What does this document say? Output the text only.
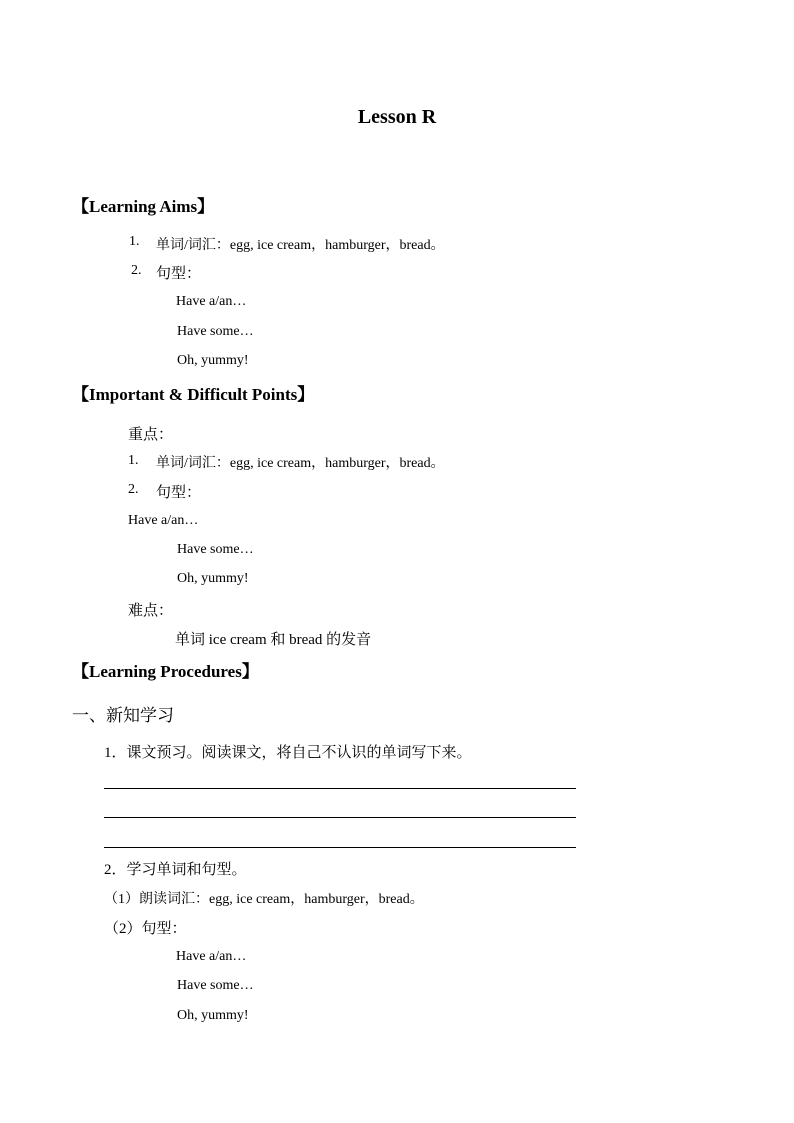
Lesson R
【Learning Aims】
1. 单词/词汇：egg, ice cream，hamburger，bread。
2. 句型：
Have a/an…
Have some…
Oh, yummy!
【Important & Difficult Points】
重点：
1. 单词/词汇：egg, ice cream，hamburger，bread。
2. 句型：
Have a/an…
Have some…
Oh, yummy!
难点：
单词 ice cream 和 bread 的发音
【Learning Procedures】
一、新知学习
1．课文预习。阅读课文，将自己不认识的单词写下来。
2．学习单词和句型。
（1）朗读词汇：egg, ice cream，hamburger，bread。
（2）句型：
Have a/an…
Have some…
Oh, yummy!
